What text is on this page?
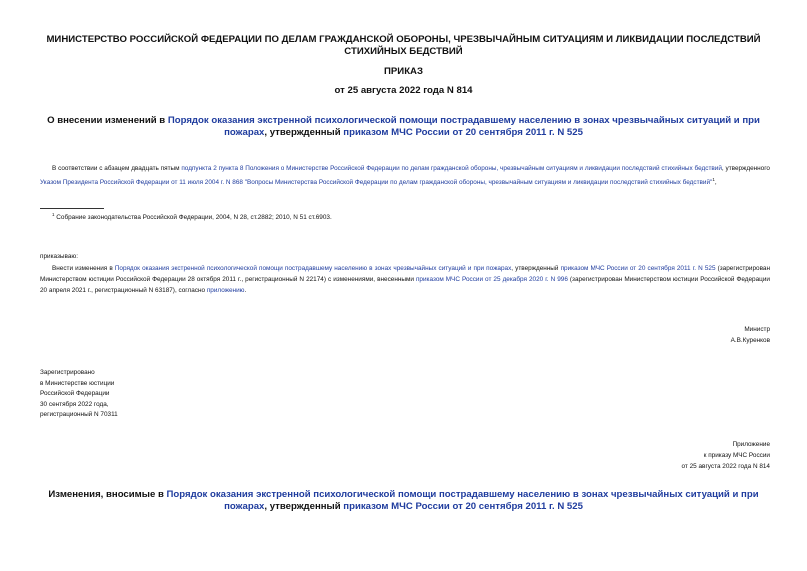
МИНИСТЕРСТВО РОССИЙСКОЙ ФЕДЕРАЦИИ ПО ДЕЛАМ ГРАЖДАНСКОЙ ОБОРОНЫ, ЧРЕЗВЫЧАЙНЫМ СИТУАЦИЯМ И ЛИКВИДАЦИИ ПОСЛЕДСТВИЙ СТИХИЙНЫХ БЕДСТВИЙ
ПРИКАЗ
от 25 августа 2022 года N 814
О внесении изменений в Порядок оказания экстренной психологической помощи пострадавшему населению в зонах чрезвычайных ситуаций и при пожарах, утвержденный приказом МЧС России от 20 сентября 2011 г. N 525
В соответствии с абзацем двадцать пятым подпункта 2 пункта 8 Положения о Министерстве Российской Федерации по делам гражданской обороны, чрезвычайным ситуациям и ликвидации последствий стихийных бедствий, утвержденного Указом Президента Российской Федерации от 11 июля 2004 г. N 868 "Вопросы Министерства Российской Федерации по делам гражданской обороны, чрезвычайным ситуациям и ликвидации последствий стихийных бедствий"$^1$,
$^1$ Собрание законодательства Российской Федерации, 2004, N 28, ст.2882; 2010, N 51 ст.6903.
приказываю:
Внести изменения в Порядок оказания экстренной психологической помощи пострадавшему населению в зонах чрезвычайных ситуаций и при пожарах, утвержденный приказом МЧС России от 20 сентября 2011 г. N 525 (зарегистрирован Министерством юстиции Российской Федерации 28 октября 2011 г., регистрационный N 22174) с изменениями, внесенными приказом МЧС России от 25 декабря 2020 г. N 996 (зарегистрирован Министерством юстиции Российской Федерации 20 апреля 2021 г., регистрационный N 63187), согласно приложению.
Министр
А.В.Куренков
Зарегистрировано
в Министерстве юстиции
Российской Федерации
30 сентября 2022 года,
регистрационный N 70311
Приложение
к приказу МЧС России
от 25 августа 2022 года N 814
Изменения, вносимые в Порядок оказания экстренной психологической помощи пострадавшему населению в зонах чрезвычайных ситуаций и при пожарах, утвержденный приказом МЧС России от 20 сентября 2011 г. N 525
